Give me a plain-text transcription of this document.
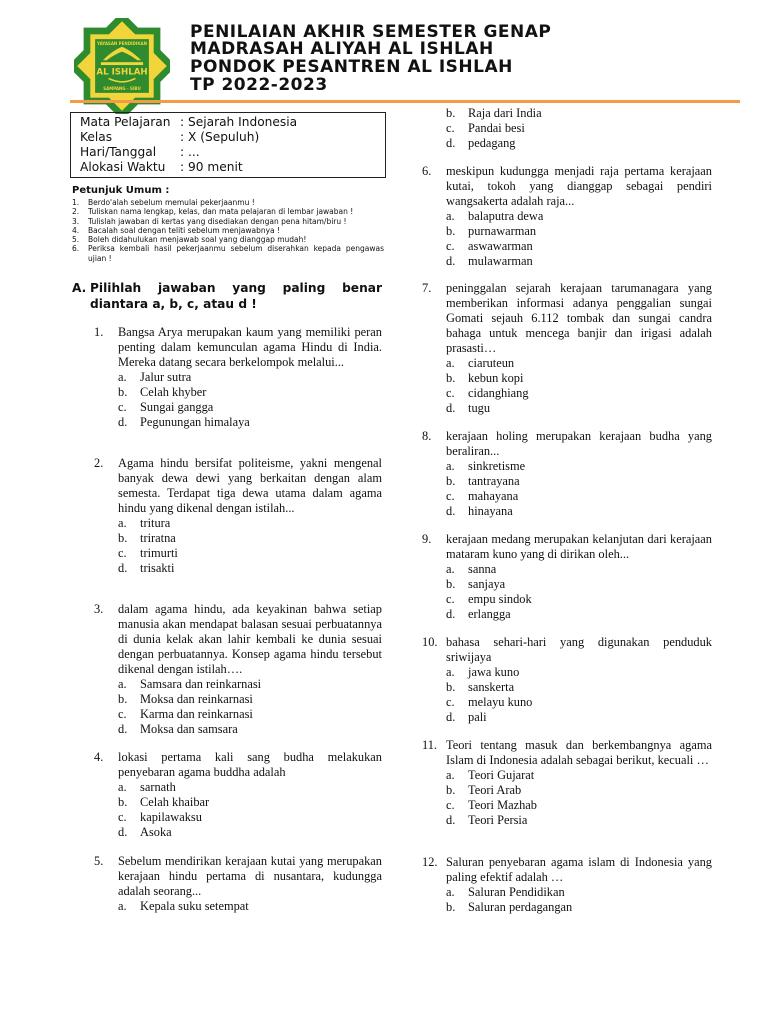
YAYASAN PENDIDIKAN
AL ISHLAH
SAMPANG - SIBU
PENILAIAN AKHIR SEMESTER GENAP
MADRASAH ALIYAH AL ISHLAH
PONDOK PESANTREN AL ISHLAH
TP 2022-2023
Mata Pelajaran : Sejarah Indonesia
Kelas	: X (Sepuluh)
Hari/Tanggal : ...
Alokasi Waktu : 90 menit
Petunjuk Umum :
1. Berdo'alah sebelum memulai pekerjaanmu !
2. Tuliskan nama lengkap, kelas, dan mata pelajaran di lembar jawaban !
3. Tulislah jawaban di kertas yang disediakan dengan pena hitam/biru !
4. Bacalah soal dengan teliti sebelum menjawabnya !
5. Boleh didahulukan menjawab soal yang dianggap mudah!
6. Periksa kembali hasil pekerjaanmu sebelum diserahkan kepada pengawas ujian !
A. Pilihlah jawaban yang paling benar diantara a, b, c, atau d !
1. Bangsa Arya merupakan kaum yang memiliki peran penting dalam kemunculan agama Hindu di India. Mereka datang secara berkelompok melalui...
a. Jalur sutra
b. Celah khyber
c. Sungai gangga
d. Pegunungan himalaya
2. Agama hindu bersifat politeisme, yakni mengenal banyak dewa dewi yang berkaitan dengan alam semesta. Terdapat tiga dewa utama dalam agama hindu yang dikenal dengan istilah...
a. tritura
b. triratna
c. trimurti
d. trisakti
3. dalam agama hindu, ada keyakinan bahwa setiap manusia akan mendapat balasan sesuai perbuatannya di dunia kelak akan lahir kembali ke dunia sesuai dengan perbuatannya. Konsep agama hindu tersebut dikenal dengan istilah….
a. Samsara dan reinkarnasi
b. Moksa dan reinkarnasi
c. Karma dan reinkarnasi
d. Moksa dan samsara
4. lokasi pertama kali sang budha melakukan penyebaran agama buddha adalah
a. sarnath
b. Celah khaibar
c. kapilawaksu
d. Asoka
5. Sebelum mendirikan kerajaan kutai yang merupakan kerajaan hindu pertama di nusantara, kudungga adalah seorang...
a. Kepala suku setempat
b. Raja dari India
c. Pandai besi
d. pedagang
6. meskipun kudungga menjadi raja pertama kerajaan kutai, tokoh yang dianggap sebagai pendiri wangsakerta adalah raja...
a. balaputra dewa
b. purnawarman
c. aswawarman
d. mulawarman
7. peninggalan sejarah kerajaan tarumanagara yang memberikan informasi adanya penggalian sungai Gomati sejauh 6.112 tombak dan sungai candra bahaga untuk mencega banjir dan irigasi adalah prasasti…
a. ciaruteun
b. kebun kopi
c. cidanghiang
d. tugu
8. kerajaan holing merupakan kerajaan budha yang beraliran...
a. sinkretisme
b. tantrayana
c. mahayana
d. hinayana
9. kerajaan medang merupakan kelanjutan dari kerajaan mataram kuno yang di dirikan oleh...
a. sanna
b. sanjaya
c. empu sindok
d. erlangga
10. bahasa sehari-hari yang digunakan penduduk sriwijaya
a. jawa kuno
b. sanskerta
c. melayu kuno
d. pali
11. Teori tentang masuk dan berkembangnya agama Islam di Indonesia adalah sebagai berikut, kecuali …
a. Teori Gujarat
b. Teori Arab
c. Teori Mazhab
d. Teori Persia
12. Saluran penyebaran agama islam di Indonesia yang paling efektif adalah …
a. Saluran Pendidikan
b. Saluran perdagangan
